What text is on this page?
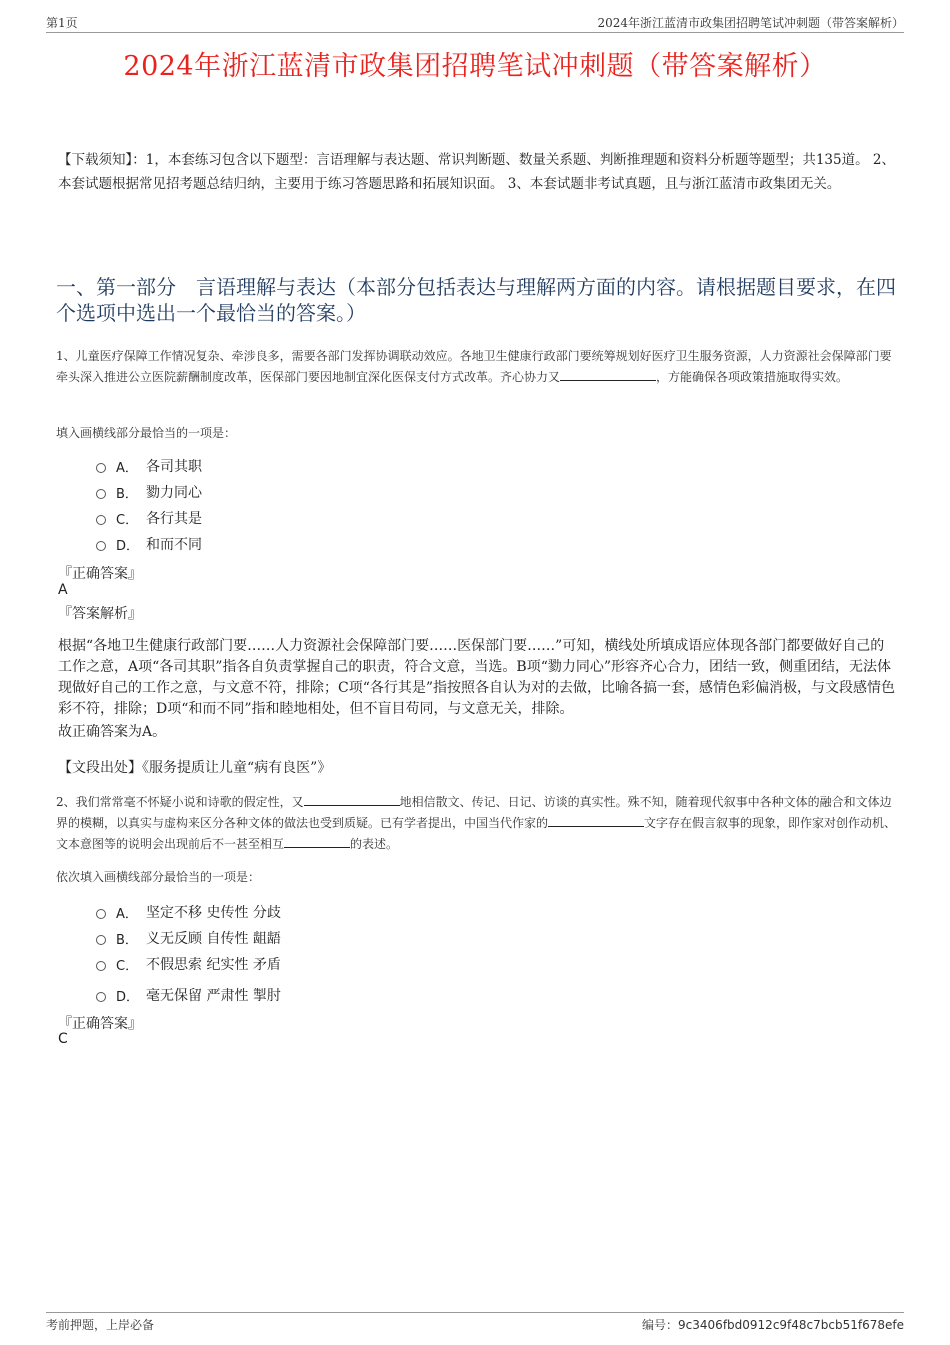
第1页	2024年浙江蓝清市政集团招聘笔试冲刺题（带答案解析）
2024年浙江蓝清市政集团招聘笔试冲刺题（带答案解析）
【下载须知】：1，本套练习包含以下题型：言语理解与表达题、常识判断题、数量关系题、判断推理题和资料分析题等题型；共135道。 2、本套试题根据常见招考题总结归纳，主要用于练习答题思路和拓展知识面。 3、本套试题非考试真题，且与浙江蓝清市政集团无关。
一、第一部分　言语理解与表达（本部分包括表达与理解两方面的内容。请根据题目要求，在四个选项中选出一个最恰当的答案。）
1、儿童医疗保障工作情况复杂、牵涉良多，需要各部门发挥协调联动效应。各地卫生健康行政部门要统筹规划好医疗卫生服务资源，人力资源社会保障部门要牵头深入推进公立医院薪酬制度改革，医保部门要因地制宜深化医保支付方式改革。齐心协力又	，方能确保各项政策措施取得实效。
填入画横线部分最恰当的一项是：
A． 各司其职
B． 勠力同心
C． 各行其是
D． 和而不同
『正确答案』
A
『答案解析』
根据“各地卫生健康行政部门要……人力资源社会保障部门要……医保部门要……”可知，横线处所填成语应体现各部门都要做好自己的工作之意，A项“各司其职”指各自负责掌握自己的职责，符合文意，当选。B项“勠力同心”形容齐心合力，团结一致，侧重团结，无法体现做好自己的工作之意，与文意不符，排除；C项“各行其是”指按照各自认为对的去做，比喻各搞一套，感情色彩偏消极，与文段感情色彩不符，排除；D项“和而不同”指和睦地相处，但不盲目苟同，与文意无关，排除。
故正确答案为A。
【文段出处】《服务提质让儿童“病有良医”》
2、我们常常毫不怀疑小说和诗歌的假定性，又	地相信散文、传记、日记、访谈的真实性。殊不知，随着现代叙事中各种文体的融合和文体边界的模糊，以真实与虚构来区分各种文体的做法也受到质疑。已有学者提出，中国当代作家的	文字存在假言叙事的现象，即作家对创作动机、文本意图等的说明会出现前后不一甚至相互	的表述。
依次填入画横线部分最恰当的一项是：
A． 坚定不移 史传性 分歧
B． 义无反顾 自传性 龃龉
C． 不假思索 纪实性 矛盾
D． 毫无保留 严肃性 掣肘
『正确答案』
C
考前押题，上岸必备	编号：9c3406fbd0912c9f48c7bcb51f678efe
